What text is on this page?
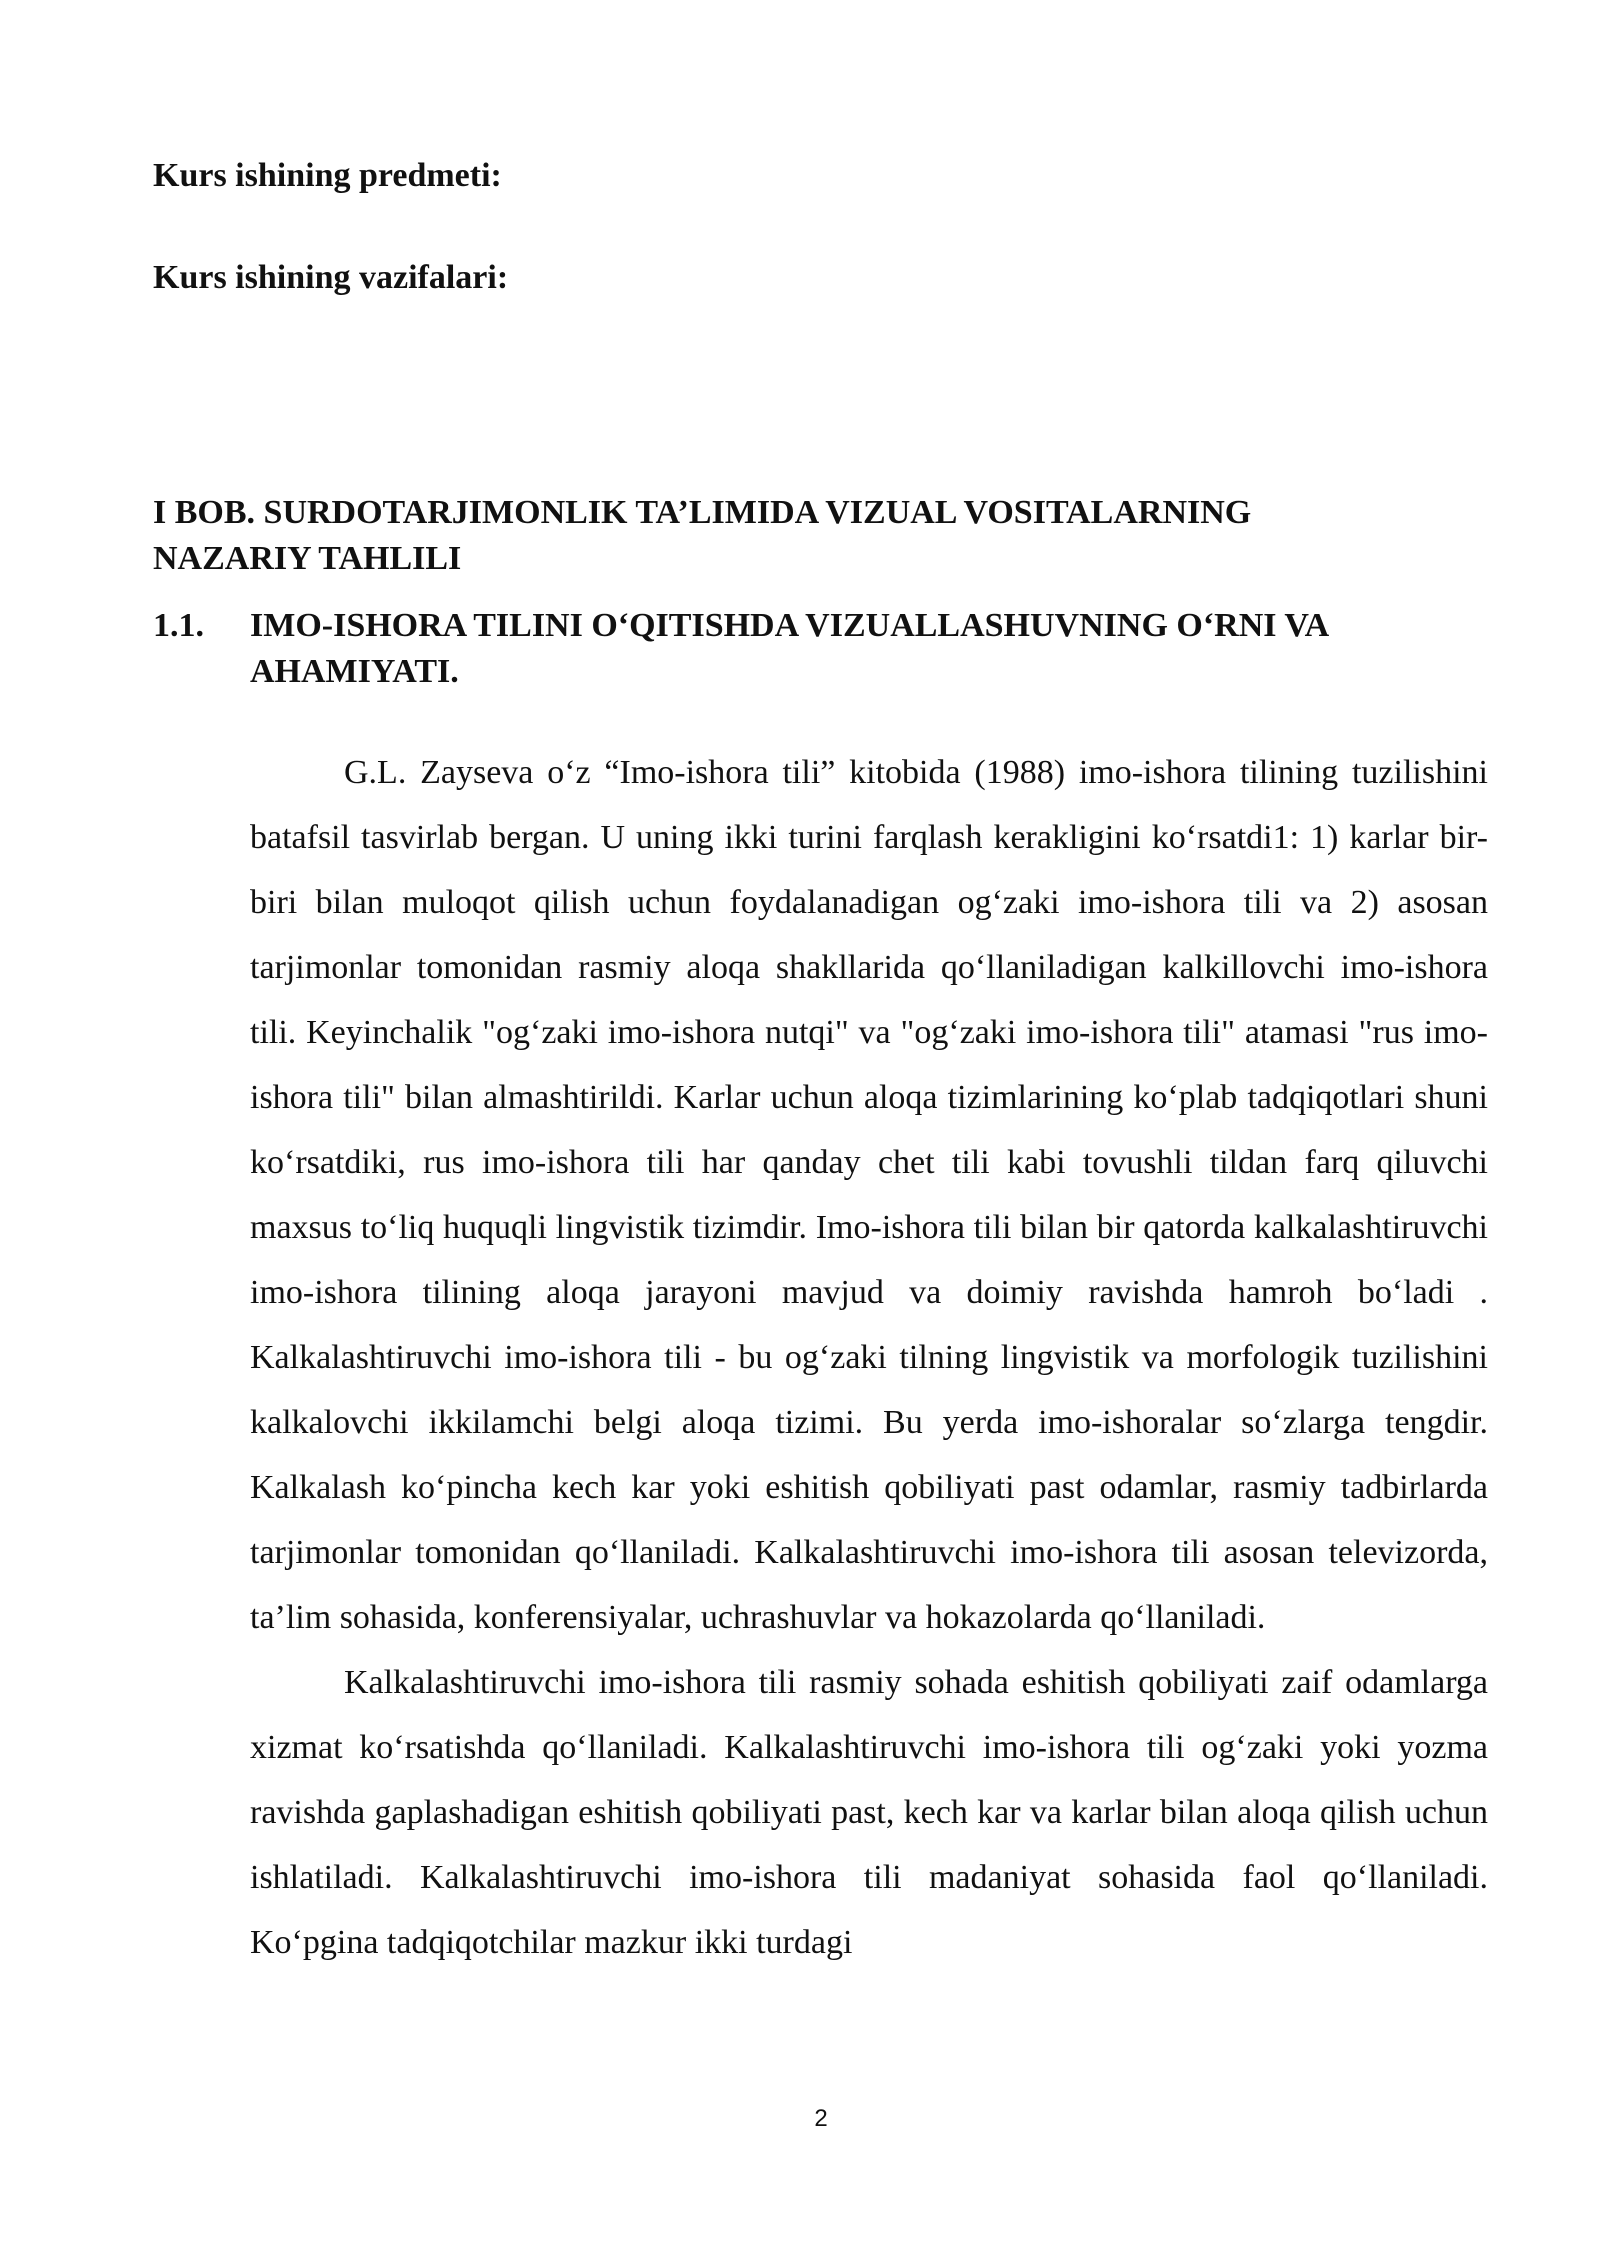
Kurs ishining predmeti:
Kurs ishining vazifalari:
I BOB. SURDOTARJIMONLIK TA’LIMIDA VIZUAL VOSITALARNING
NAZARIY TAHLILI
1.1. IMO-ISHORA TILINI O‘QITISHDA VIZUALLASHUVNING O‘RNI VA AHAMIYATI.

G.L. Zayseva o‘z “Imo-ishora tili” kitobida (1988) imo-ishora tilining tuzilishini batafsil tasvirlab bergan. U uning ikki turini farqlash kerakligini ko‘rsatdi1: 1) karlar bir-biri bilan muloqot qilish uchun foydalanadigan og‘zaki imo-ishora tili va 2) asosan tarjimonlar tomonidan rasmiy aloqa shakllarida qo‘llaniladigan kalkillovchi imo-ishora tili. Keyinchalik "og‘zaki imo-ishora nutqi" va "og‘zaki imo-ishora tili" atamasi "rus imo-ishora tili" bilan almashtirildi. Karlar uchun aloqa tizimlarining ko‘plab tadqiqotlari shuni ko‘rsatdiki, rus imo-ishora tili har qanday chet tili kabi tovushli tildan farq qiluvchi maxsus to‘liq huquqli lingvistik tizimdir. Imo-ishora tili bilan bir qatorda kalkalashtiruvchi imo-ishora tilining aloqa jarayoni mavjud va doimiy ravishda hamroh bo‘ladi . Kalkalashtiruvchi imo-ishora tili - bu og‘zaki tilning lingvistik va morfologik tuzilishini kalkalovchi ikkilamchi belgi aloqa tizimi. Bu yerda imo-ishoralar so‘zlarga tengdir. Kalkalash ko‘pincha kech kar yoki eshitish qobiliyati past odamlar, rasmiy tadbirlarda tarjimonlar tomonidan qo‘llaniladi. Kalkalashtiruvchi imo-ishora tili asosan televizorda, ta’lim sohasida, konferensiyalar, uchrashuvlar va hokazolarda qo‘llaniladi.

Kalkalashtiruvchi imo-ishora tili rasmiy sohada eshitish qobiliyati zaif odamlarga xizmat ko‘rsatishda qo‘llaniladi. Kalkalashtiruvchi imo-ishora tili og‘zaki yoki yozma ravishda gaplashadigan eshitish qobiliyati past, kech kar va karlar bilan aloqa qilish uchun ishlatiladi. Kalkalashtiruvchi imo-ishora tili madaniyat sohasida faol qo‘llaniladi. Ko‘pgina tadqiqotchilar mazkur ikki turdagi

2
